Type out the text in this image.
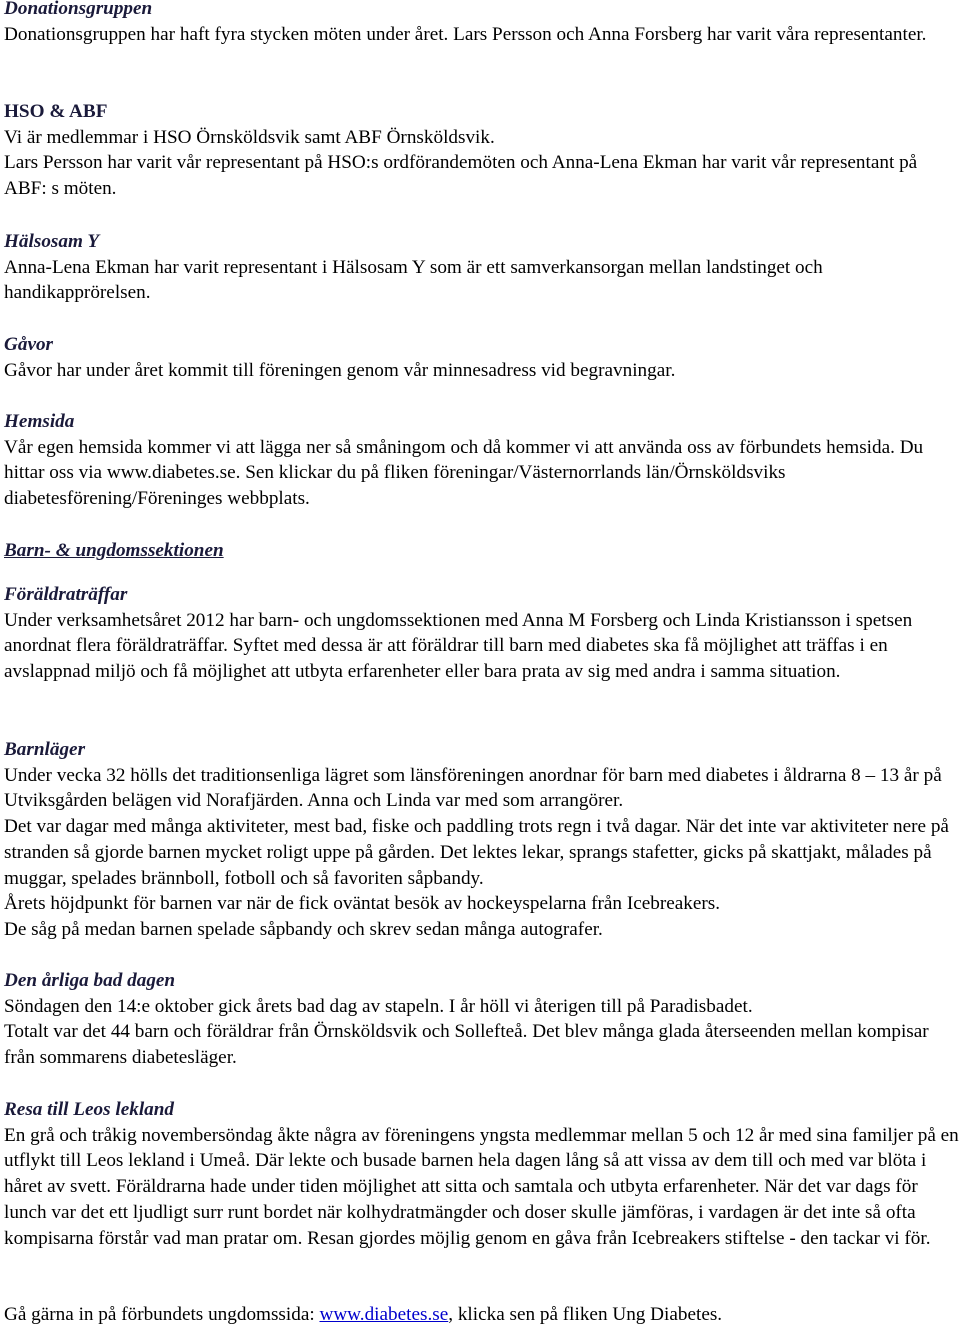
Donationsgruppen

Donationsgruppen har haft fyra stycken möten under året. Lars Persson och Anna Forsberg har varit våra representanter.

HSO & ABF

Vi är medlemmar i HSO Örnsköldsvik samt ABF Örnsköldsvik.

Lars Persson har varit vår representant på HSO:s ordförandemöten och Anna-Lena Ekman har varit vår representant på ABF: s möten.

Hälsosam Y

Anna-Lena Ekman har varit representant i Hälsosam Y som är ett samverkansorgan mellan landstinget och handikapprörelsen.

Gåvor

Gåvor har under året kommit till föreningen genom vår minnesadress vid begravningar.

Hemsida

Vår egen hemsida kommer vi att lägga ner så småningom och då kommer vi att använda oss av förbundets hemsida. Du hittar oss via www.diabetes.se. Sen klickar du på fliken föreningar/Västernorrlands län/Örnsköldsviks diabetesförening/Föreninges webbplats.

Barn- & ungdomssektionen
Föräldraträffar

Under verksamhetsåret 2012 har barn- och ungdomssektionen med Anna M Forsberg och Linda Kristiansson i spetsen anordnat flera föräldraträffar. Syftet med dessa är att föräldrar till barn med diabetes ska få möjlighet att träffas i en avslappnad miljö och få möjlighet att utbyta erfarenheter eller bara prata av sig med andra i samma situation.

Barnläger

Under vecka 32 hölls det traditionsenliga lägret som länsföreningen anordnar för barn med diabetes i åldrarna 8 – 13 år på Utviksgården belägen vid Norafjärden. Anna och Linda var med som arrangörer.

Det var dagar med många aktiviteter, mest bad, fiske och paddling trots regn i två dagar. När det inte var aktiviteter nere på stranden så gjorde barnen mycket roligt uppe på gården. Det lektes lekar, sprangs stafetter, gicks på skattjakt, målades på muggar, spelades brännboll, fotboll och så favoriten såpbandy.

Årets höjdpunkt för barnen var när de fick oväntat besök av hockeyspelarna från Icebreakers.

De såg på medan barnen spelade såpbandy och skrev sedan många autografer.

Den årliga bad dagen

Söndagen den 14:e oktober gick årets bad dag av stapeln. I år höll vi återigen till på Paradisbadet.

Totalt var det 44 barn och föräldrar från Örnsköldsvik och Sollefteå. Det blev många glada återseenden mellan kompisar från sommarens diabetesläger.

Resa till Leos lekland

En grå och tråkig novembersöndag åkte några av föreningens yngsta medlemmar mellan 5 och 12 år med sina familjer på en utflykt till Leos lekland i Umeå. Där lekte och busade barnen hela dagen lång så att vissa av dem till och med var blöta i håret av svett. Föräldrarna hade under tiden möjlighet att sitta och samtala och utbyta erfarenheter. När det var dags för lunch var det ett ljudligt surr runt bordet när kolhydratmängder och doser skulle jämföras, i vardagen är det inte så ofta kompisarna förstår vad man pratar om. Resan gjordes möjlig genom en gåva från Icebreakers stiftelse - den tackar vi för.

Gå gärna in på förbundets ungdomssida: www.diabetes.se, klicka sen på fliken Ung Diabetes.
